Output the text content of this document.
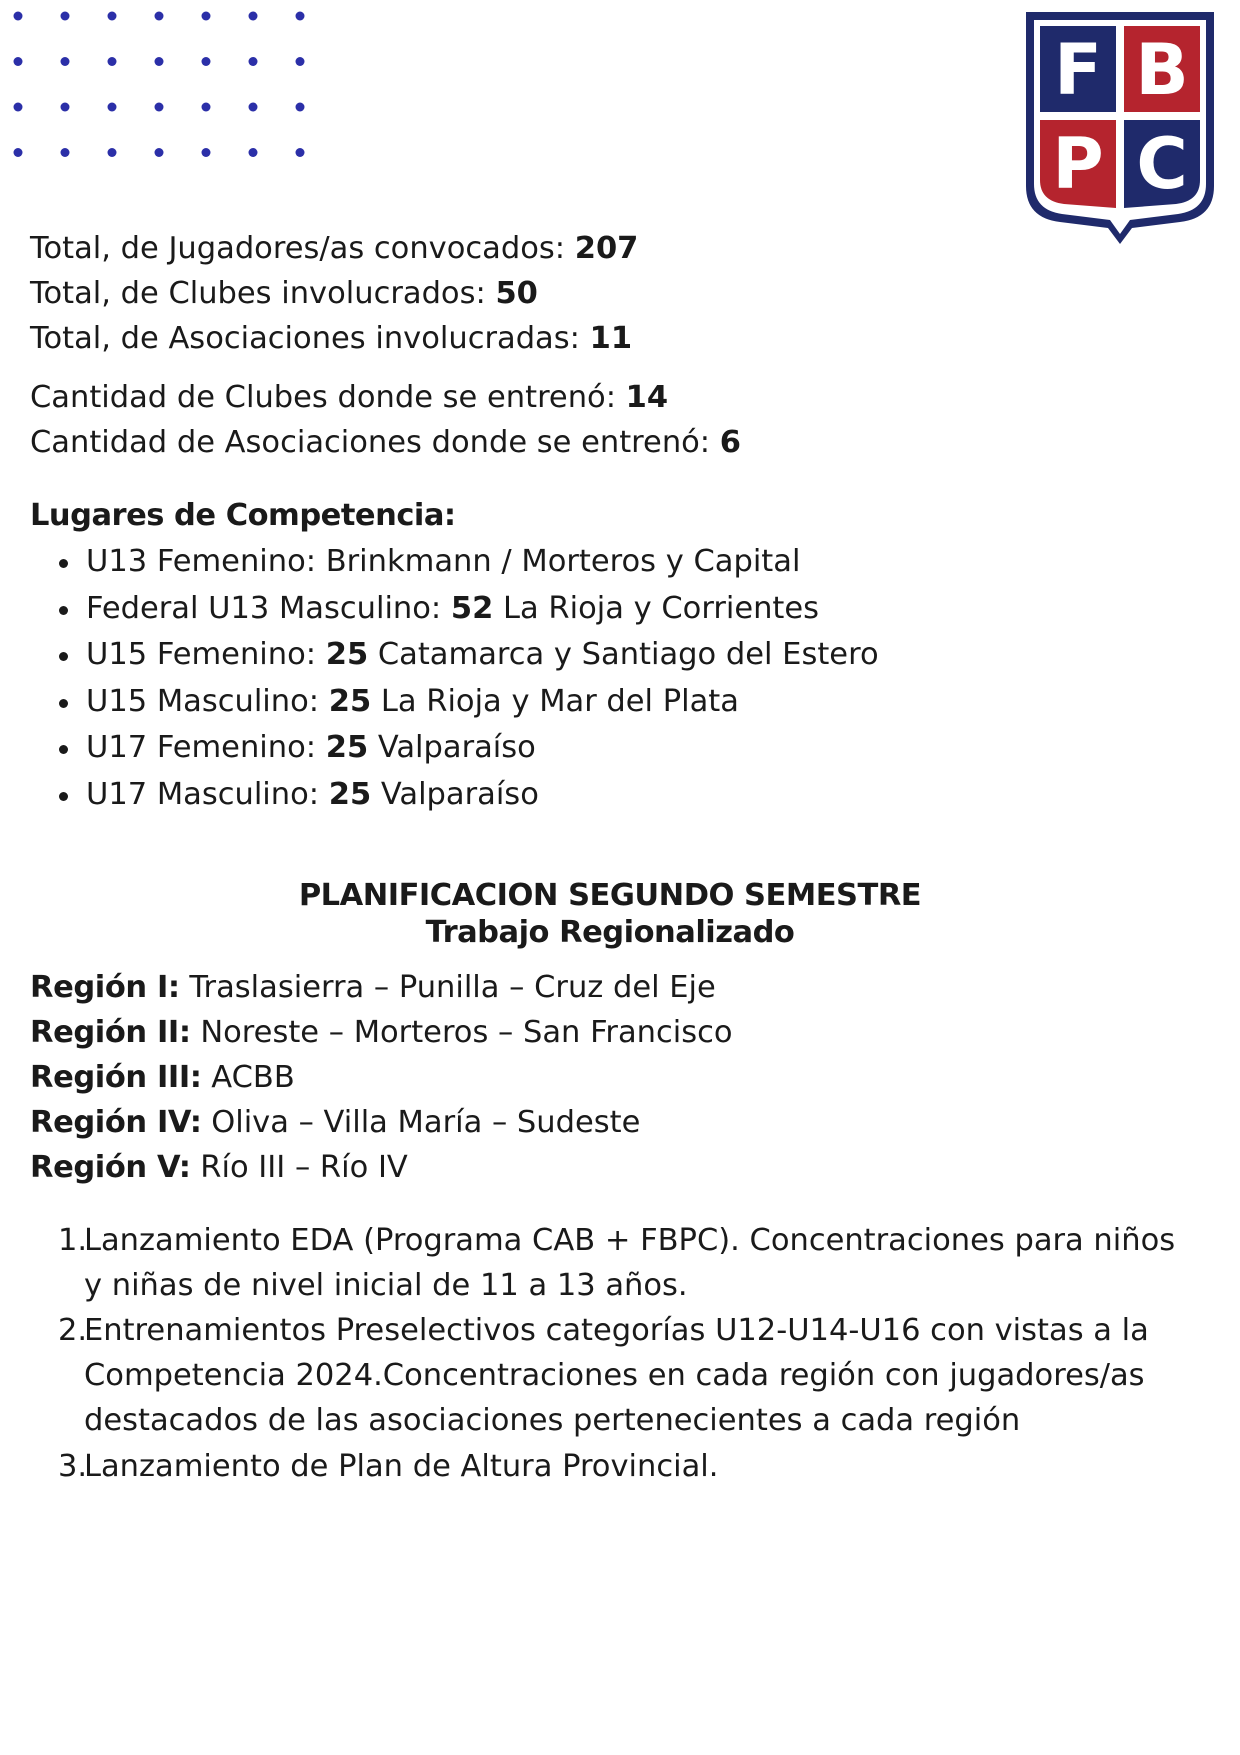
F B
P C

Total, de Jugadores/as convocados: 207

Total, de Clubes involucrados: 50

Total, de Asociaciones involucradas: 11

Cantidad de Clubes donde se entrenó: 14

Cantidad de Asociaciones donde se entrenó: 6

Lugares de Competencia:

U13 Femenino: Brinkmann / Morteros y Capital
Federal U13 Masculino: 52 La Rioja y Corrientes
U15 Femenino: 25 Catamarca y Santiago del Estero
U15 Masculino: 25 La Rioja y Mar del Plata
U17 Femenino: 25 Valparaíso
U17 Masculino: 25 Valparaíso
PLANIFICACION SEGUNDO SEMESTRE
Trabajo Regionalizado

Región I: Traslasierra – Punilla – Cruz del Eje

Región II: Noreste – Morteros – San Francisco

Región III: ACBB

Región IV: Oliva – Villa María – Sudeste

Región V: Río III – Río IV

1.
Lanzamiento EDA (Programa CAB + FBPC). Concentraciones para niños y niñas de nivel inicial de 11 a 13 años.
2.
Entrenamientos Preselectivos categorías U12-U14-U16 con vistas a la Competencia 2024.Concentraciones en cada región con jugadores/as destacados de las asociaciones pertenecientes a cada región
3.
Lanzamiento de Plan de Altura Provincial.
